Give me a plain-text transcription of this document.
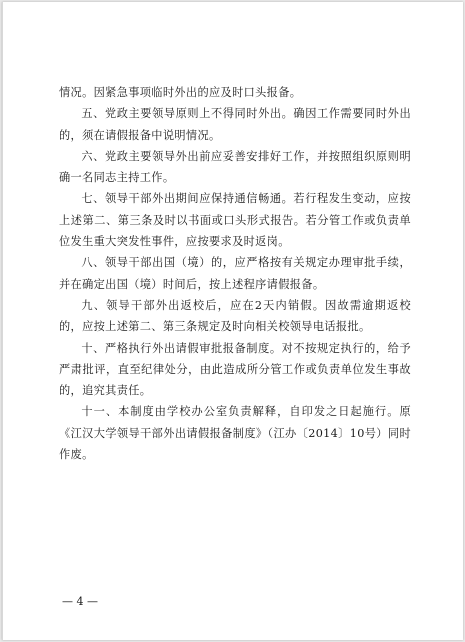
情况。因紧急事项临时外出的应及时口头报备。

五、党政主要领导原则上不得同时外出。确因工作需要同时外出的，须在请假报备中说明情况。

六、党政主要领导外出前应妥善安排好工作，并按照组织原则明确一名同志主持工作。

七、领导干部外出期间应保持通信畅通。若行程发生变动，应按上述第二、第三条及时以书面或口头形式报告。若分管工作或负责单位发生重大突发性事件，应按要求及时返岗。

八、领导干部出国（境）的，应严格按有关规定办理审批手续，并在确定出国（境）时间后，按上述程序请假报备。

九、领导干部外出返校后，应在2天内销假。因故需逾期返校的，应按上述第二、第三条规定及时向相关校领导电话报批。

十、严格执行外出请假审批报备制度。对不按规定执行的，给予严肃批评，直至纪律处分，由此造成所分管工作或负责单位发生事故的，追究其责任。

十一、本制度由学校办公室负责解释，自印发之日起施行。原《江汉大学领导干部外出请假报备制度》（江办〔2014〕10号）同时作废。

— 4 —
